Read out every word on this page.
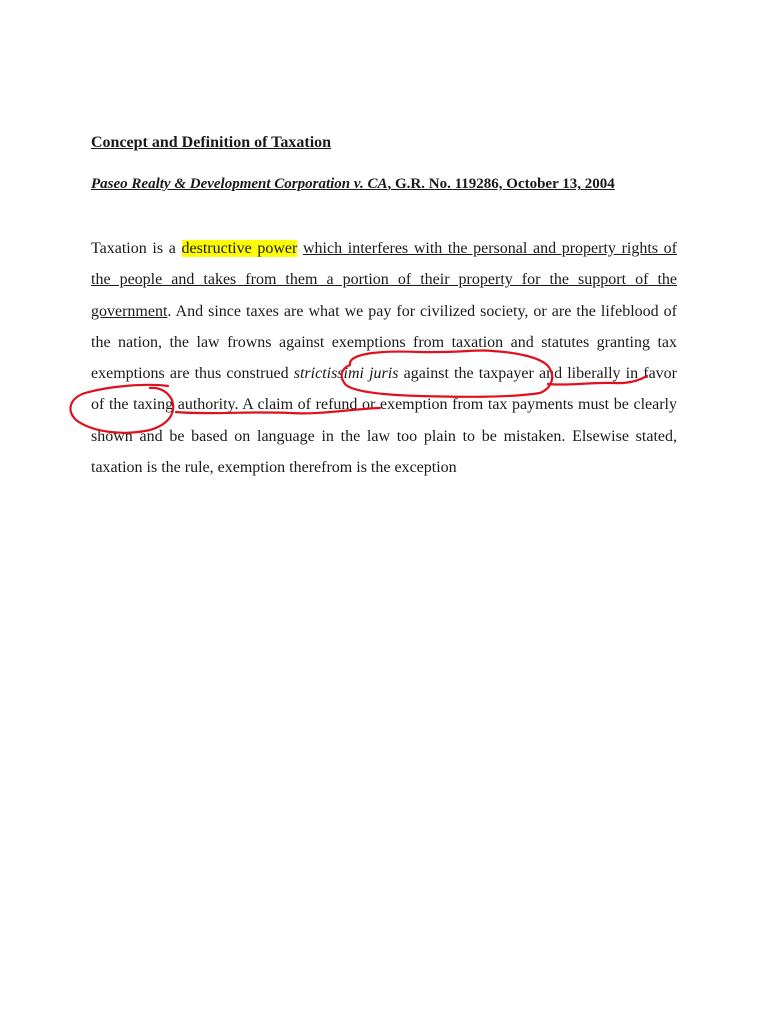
Concept and Definition of Taxation

Paseo Realty & Development Corporation v. CA, G.R. No. 119286, October 13, 2004

Taxation is a destructive power which interferes with the personal and property rights of the people and takes from them a portion of their property for the support of the government. And since taxes are what we pay for civilized society, or are the lifeblood of the nation, the law frowns against exemptions from taxation and statutes granting tax exemptions are thus construed strictissimi juris against the taxpayer and liberally in favor of the taxing authority. A claim of refund or exemption from tax payments must be clearly shown and be based on language in the law too plain to be mistaken. Elsewise stated, taxation is the rule, exemption therefrom is the exception
